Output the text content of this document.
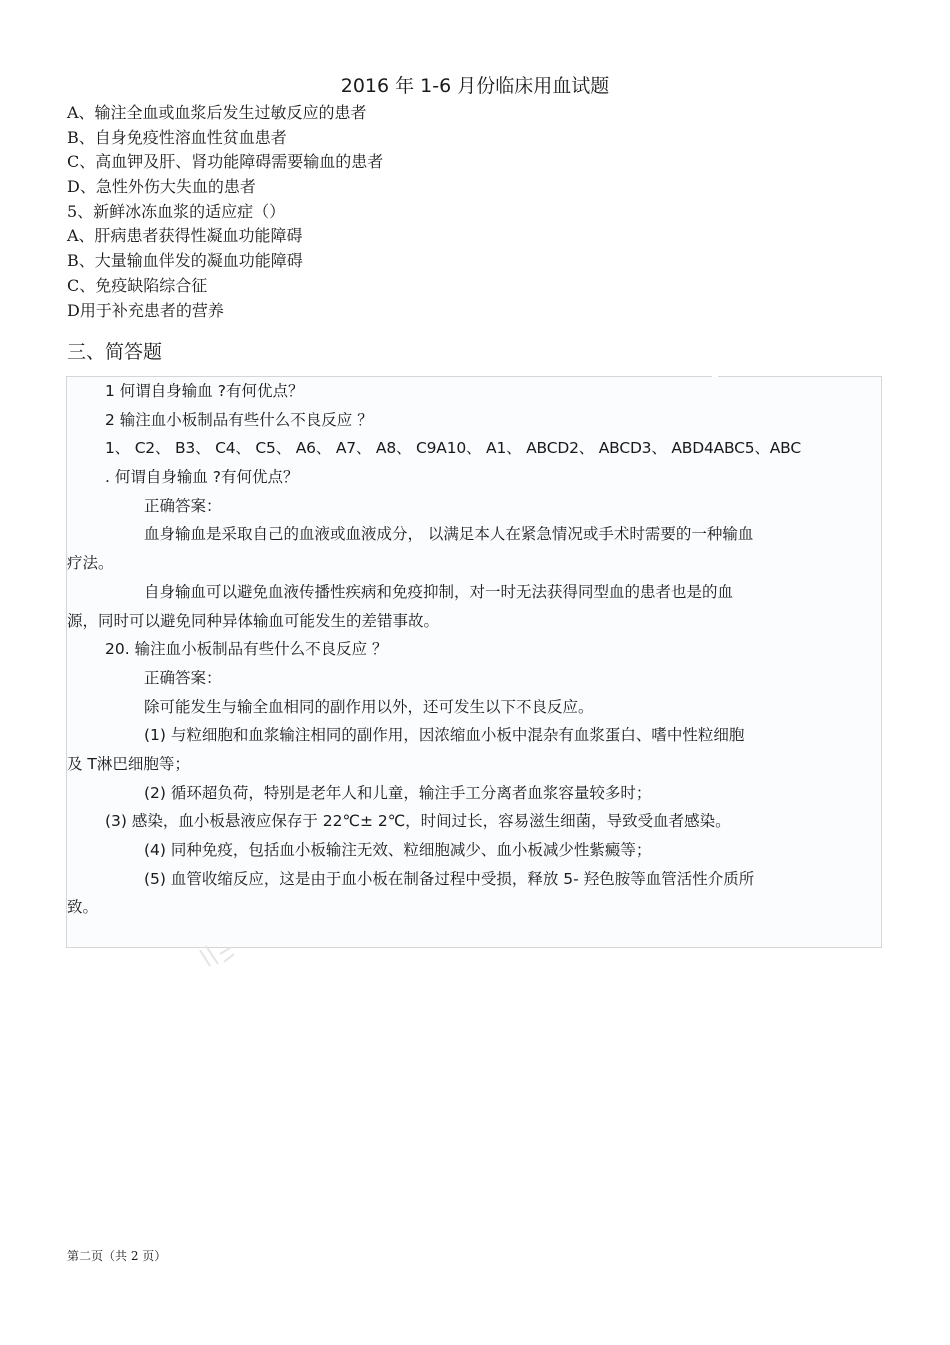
2016 年 1-6 月份临床用血试题
A、输注全血或血浆后发生过敏反应的患者
B、自身免疫性溶血性贫血患者
C、高血钾及肝、肾功能障碍需要输血的患者
D、急性外伤大失血的患者
5、新鲜冰冻血浆的适应症（）
A、肝病患者获得性凝血功能障碍
B、大量输血伴发的凝血功能障碍
C、免疫缺陷综合征
D用于补充患者的营养
三、简答题
1 何谓自身输血 ?有何优点？
2 输注血小板制品有些什么不良反应 ？
1、 C2、 B3、 C4、 C5、 A6、 A7、 A8、 C9A10、 A1、 ABCD2、 ABCD3、 ABD4ABC5、ABC
. 何谓自身输血 ?有何优点？
正确答案：
血身输血是采取自己的血液或血液成分， 以满足本人在紧急情况或手术时需要的一种输血
疗法。
自身输血可以避免血液传播性疾病和免疫抑制，对一时无法获得同型血的患者也是的血
源，同时可以避免同种异体输血可能发生的差错事故。
20. 输注血小板制品有些什么不良反应 ？
正确答案：
除可能发生与输全血相同的副作用以外，还可发生以下不良反应。
(1) 与粒细胞和血浆输注相同的副作用，因浓缩血小板中混杂有血浆蛋白、嗜中性粒细胞
及 T淋巴细胞等；
(2) 循环超负荷，特别是老年人和儿童，输注手工分离者血浆容量较多时；
(3) 感染，血小板悬液应保存于 22℃± 2℃，时间过长，容易滋生细菌，导致受血者感染。
(4) 同种免疫，包括血小板输注无效、粒细胞减少、血小板减少性紫癜等；
(5) 血管收缩反应，这是由于血小板在制备过程中受损，释放 5- 羟色胺等血管活性介质所
致。
第二页（共 2 页）
